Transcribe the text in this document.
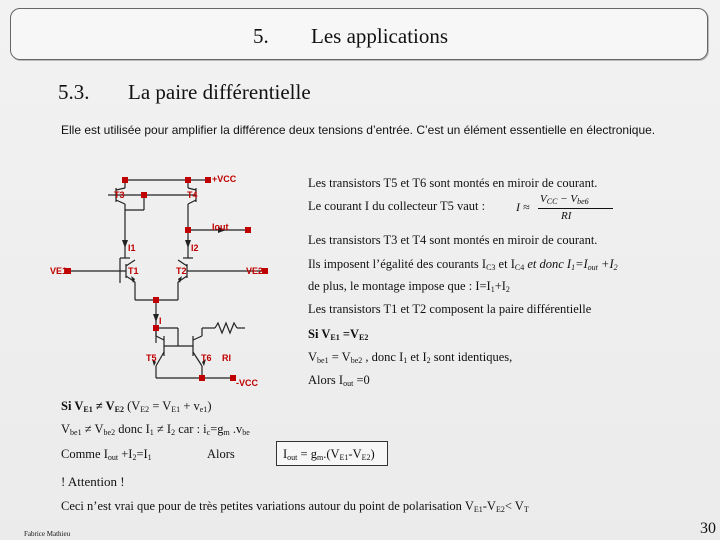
5. Les applications
5.3. La paire différentielle
Elle est utilisée pour amplifier la différence deux tensions d’entrée. C’est un élément essentielle en électronique.
+VCC
T3	T4
Iout
I1	I2
T1	T2
VE1	VE2
I
T5	T6 RI
-VCC
Les transistors T5 et T6 sont montés en miroir de courant.
Le courant I du collecteur T5 vaut :	I ≈
$V_{CC} - V_{be6}$
RI
Les transistors T3 et T4 sont montés en miroir de courant.
Ils imposent l’égalité des courants $I_{C3}$ et $I_{C4}$ et donc $I_1=I_{out} +I_2$
de plus, le montage impose que : $I=I_1+I_2$
Les transistors T1 et T2 composent la paire différentielle
Si $V_{E1} =V_{E2}$
$V_{be1} = V_{be2}$ , donc $I_1$ et $I_2$ sont identiques,
Alors $I_{out} =0$
Si $V_{E1} \ne V_{E2}$ $(V_{E2} = V_{E1} + v_{e1})$
$V_{be1} \ne V_{be2}$ donc $I_1 \ne I_2$ car : $i_c=g_m$ $.v_{be}$
Comme $I_{out} +I_2=I_1$	Alors	$I_{out} = g_m.(V_{E1}-V_{E2})$
! Attention !
Ceci n’est vrai que pour de très petites variations autour du point de polarisation $V_{E1}-V_{E2}< V_T$
Fabrice Mathieu	30
